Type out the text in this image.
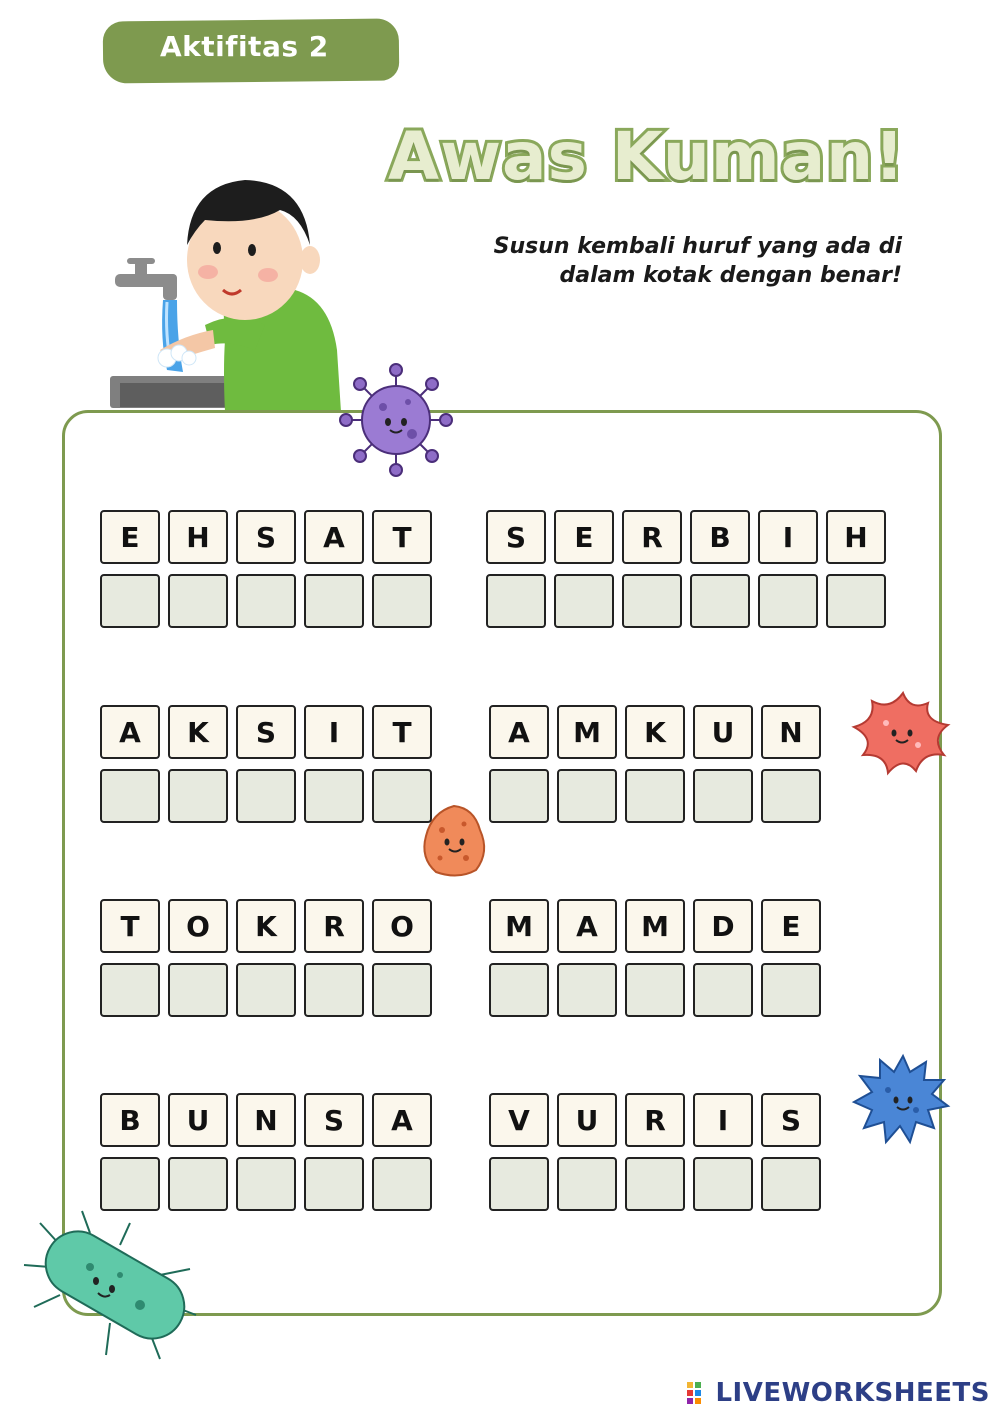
Aktifitas 2
Awas Kuman!
Susun kembali huruf yang ada di
dalam kotak dengan benar!
E	H	S	A	T	S	E	R	B	I	H
A	K	S	I	T	A	M	K	U	N
T	O	K	R	O	M	A	M	D	E
B	U	N	S	A	V	U	R	I	S
LIVEWORKSHEETS
